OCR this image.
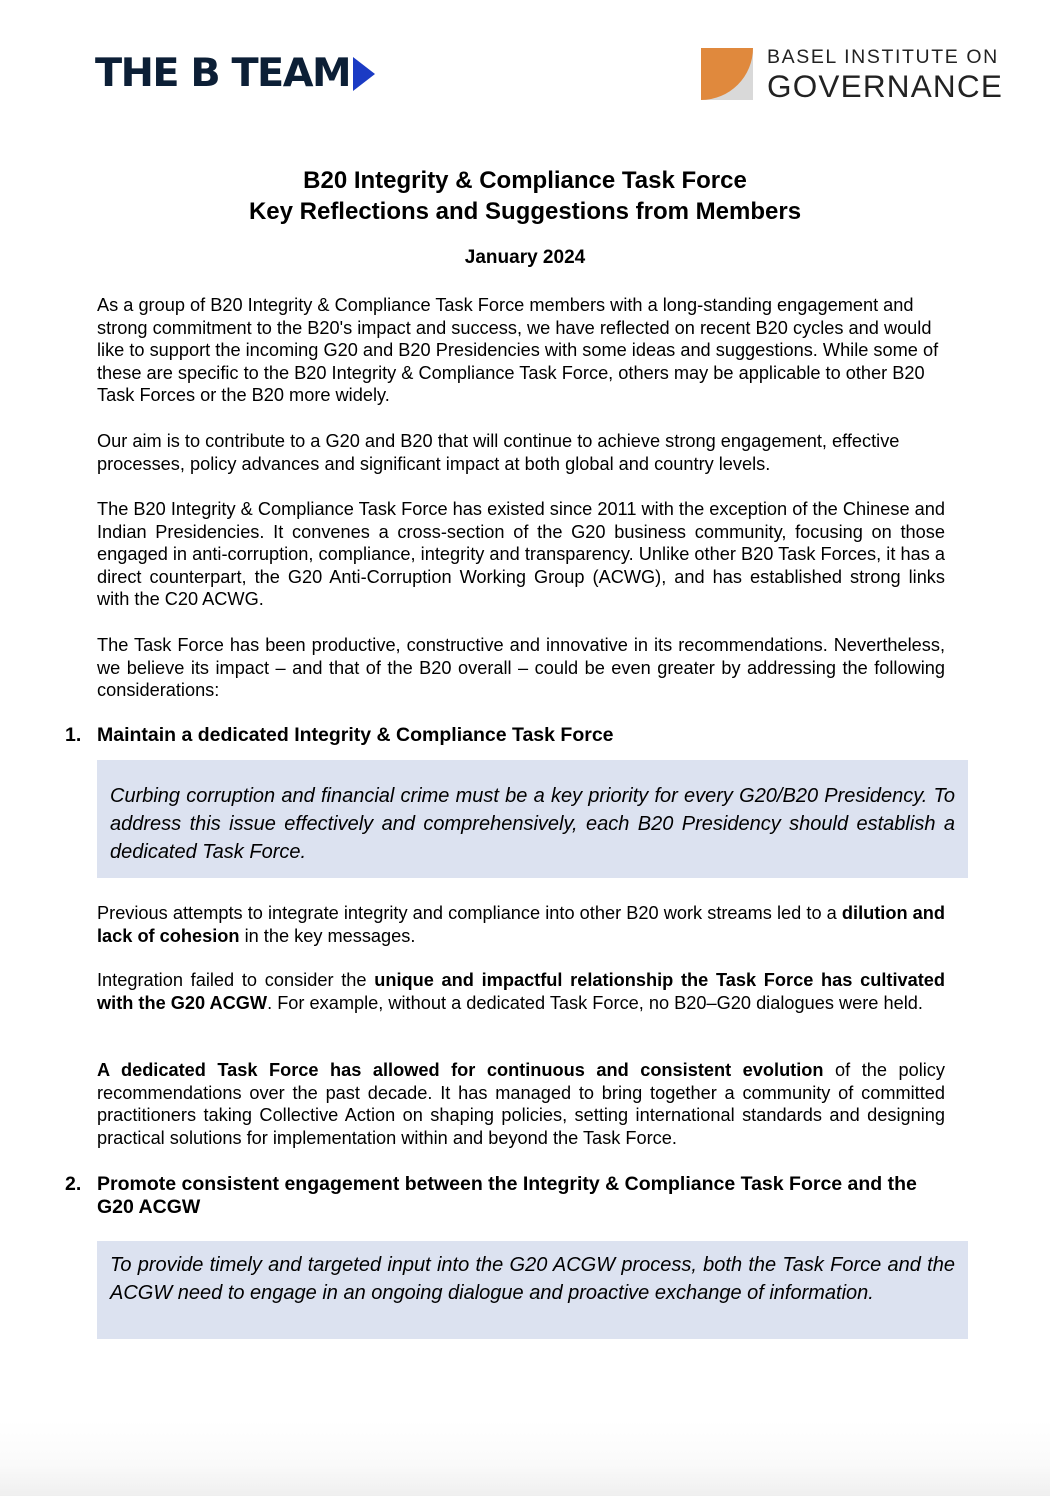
THE B TEAM	BASEL INSTITUTE ON
GOVERNANCE
B20 Integrity & Compliance Task Force
Key Reflections and Suggestions from Members
January 2024
As a group of B20 Integrity & Compliance Task Force members with a long-standing engagement and strong commitment to the B20's impact and success, we have reflected on recent B20 cycles and would like to support the incoming G20 and B20 Presidencies with some ideas and suggestions. While some of these are specific to the B20 Integrity & Compliance Task Force, others may be applicable to other B20 Task Forces or the B20 more widely.
Our aim is to contribute to a G20 and B20 that will continue to achieve strong engagement, effective processes, policy advances and significant impact at both global and country levels.
The B20 Integrity & Compliance Task Force has existed since 2011 with the exception of the Chinese and Indian Presidencies. It convenes a cross-section of the G20 business community, focusing on those engaged in anti-corruption, compliance, integrity and transparency. Unlike other B20 Task Forces, it has a direct counterpart, the G20 Anti-Corruption Working Group (ACWG), and has established strong links with the C20 ACWG.
The Task Force has been productive, constructive and innovative in its recommendations. Nevertheless, we believe its impact – and that of the B20 overall – could be even greater by addressing the following considerations:
1. Maintain a dedicated Integrity & Compliance Task Force

Curbing corruption and financial crime must be a key priority for every G20/B20 Presidency. To address this issue effectively and comprehensively, each B20 Presidency should establish a dedicated Task Force.

Previous attempts to integrate integrity and compliance into other B20 work streams led to a dilution and lack of cohesion in the key messages.
Integration failed to consider the unique and impactful relationship the Task Force has cultivated with the G20 ACGW. For example, without a dedicated Task Force, no B20–G20 dialogues were held.
A dedicated Task Force has allowed for continuous and consistent evolution of the policy recommendations over the past decade. It has managed to bring together a community of committed practitioners taking Collective Action on shaping policies, setting international standards and designing practical solutions for implementation within and beyond the Task Force.
2. Promote consistent engagement between the Integrity & Compliance Task Force and the G20 ACGW

To provide timely and targeted input into the G20 ACGW process, both the Task Force and the ACGW need to engage in an ongoing dialogue and proactive exchange of information.
